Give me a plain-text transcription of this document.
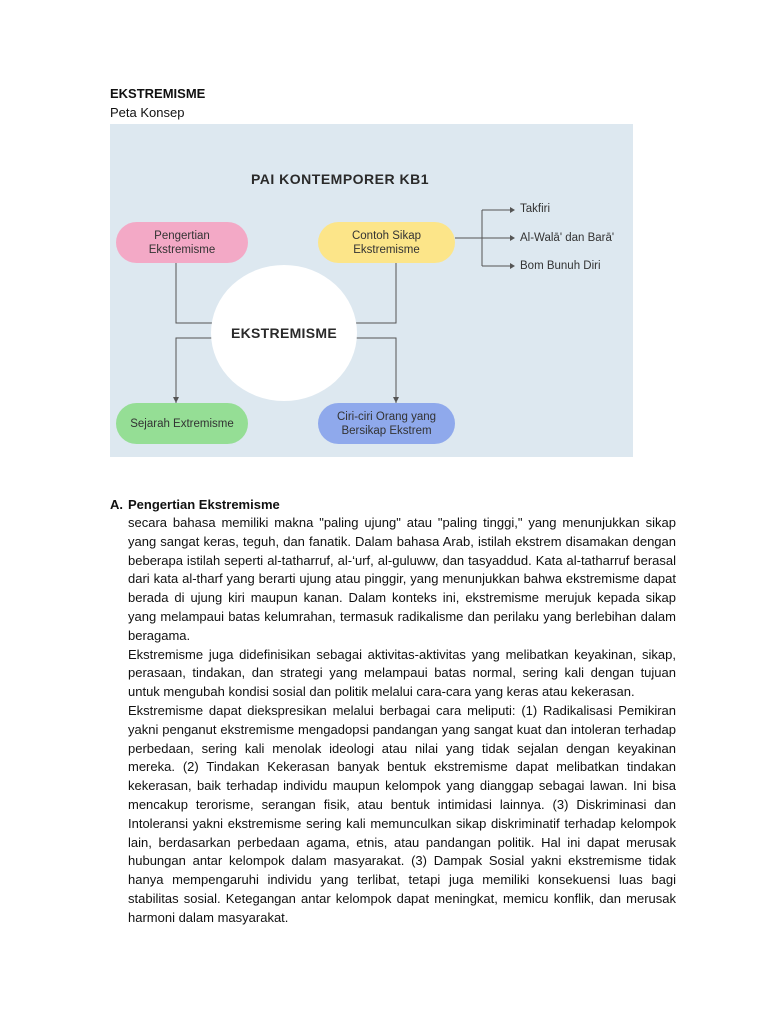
EKSTREMISME
Peta Konsep
PAI KONTEMPORER KB1
Pengertian
Ekstremisme
Contoh Sikap
Ekstremisme
Sejarah Extremisme
Ciri-ciri Orang yang
Bersikap Ekstrem
EKSTREMISME
Takfiri
Al-Walā' dan Barā'
Bom Bunuh Diri
A. Pengertian Ekstremisme

secara bahasa memiliki makna "paling ujung" atau "paling tinggi," yang menunjukkan sikap yang sangat keras, teguh, dan fanatik. Dalam bahasa Arab, istilah ekstrem disamakan dengan beberapa istilah seperti al-tatharruf, al-‘urf, al-guluww, dan tasyaddud. Kata al-tatharruf berasal dari kata al-tharf yang berarti ujung atau pinggir, yang menunjukkan bahwa ekstremisme dapat berada di ujung kiri maupun kanan. Dalam konteks ini, ekstremisme merujuk kepada sikap yang melampaui batas kelumrahan, termasuk radikalisme dan perilaku yang berlebihan dalam beragama.

Ekstremisme juga didefinisikan sebagai aktivitas-aktivitas yang melibatkan keyakinan, sikap, perasaan, tindakan, dan strategi yang melampaui batas normal, sering kali dengan tujuan untuk mengubah kondisi sosial dan politik melalui cara-cara yang keras atau kekerasan.

Ekstremisme dapat diekspresikan melalui berbagai cara meliputi: (1) Radikalisasi Pemikiran yakni penganut ekstremisme mengadopsi pandangan yang sangat kuat dan intoleran terhadap perbedaan, sering kali menolak ideologi atau nilai yang tidak sejalan dengan keyakinan mereka. (2) Tindakan Kekerasan banyak bentuk ekstremisme dapat melibatkan tindakan kekerasan, baik terhadap individu maupun kelompok yang dianggap sebagai lawan. Ini bisa mencakup terorisme, serangan fisik, atau bentuk intimidasi lainnya. (3) Diskriminasi dan Intoleransi yakni ekstremisme sering kali memunculkan sikap diskriminatif terhadap kelompok lain, berdasarkan perbedaan agama, etnis, atau pandangan politik. Hal ini dapat merusak hubungan antar kelompok dalam masyarakat. (3) Dampak Sosial yakni ekstremisme tidak hanya mempengaruhi individu yang terlibat, tetapi juga memiliki konsekuensi luas bagi stabilitas sosial. Ketegangan antar kelompok dapat meningkat, memicu konflik, dan merusak harmoni dalam masyarakat.
